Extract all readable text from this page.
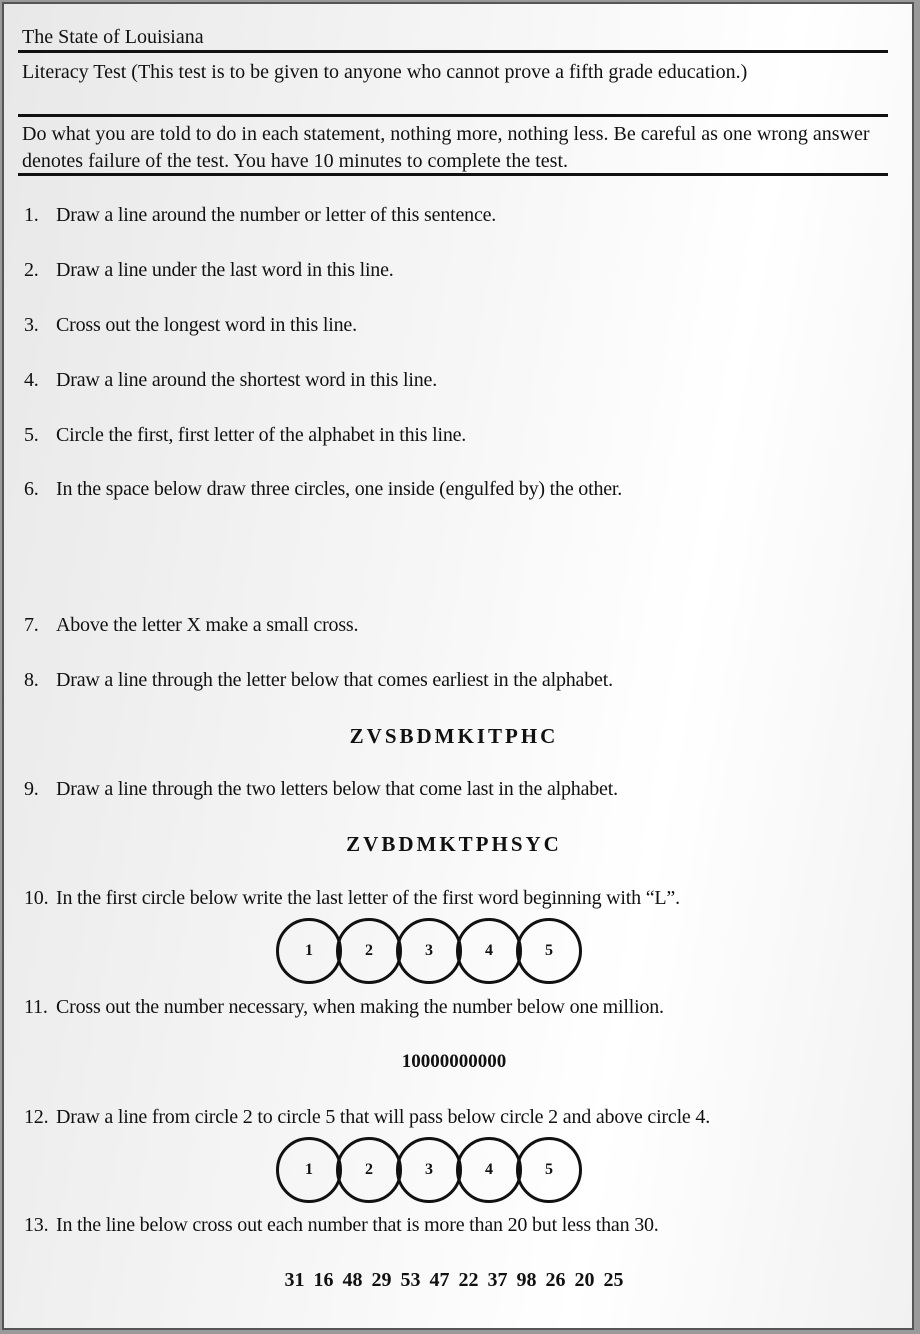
The State of Louisiana
Literacy Test (This test is to be given to anyone who cannot prove a fifth grade education.)
Do what you are told to do in each statement, nothing more, nothing less. Be careful as one wrong answer denotes failure of the test. You have 10 minutes to complete the test.
1. Draw a line around the number or letter of this sentence.
2. Draw a line under the last word in this line.
3. Cross out the longest word in this line.
4. Draw a line around the shortest word in this line.
5. Circle the first, first letter of the alphabet in this line.
6. In the space below draw three circles, one inside (engulfed by) the other.
7. Above the letter X make a small cross.
8. Draw a line through the letter below that comes earliest in the alphabet.
ZVSBDMKITPHC
9. Draw a line through the two letters below that come last in the alphabet.
ZVBDMKTPHSYC
10. In the first circle below write the last letter of the first word beginning with “L”.
1	2	3	4	5
11. Cross out the number necessary, when making the number below one million.
10000000000
12. Draw a line from circle 2 to circle 5 that will pass below circle 2 and above circle 4.
1	2	3	4	5
13. In the line below cross out each number that is more than 20 but less than 30.
31 16 48 29 53 47 22 37 98 26 20 25
